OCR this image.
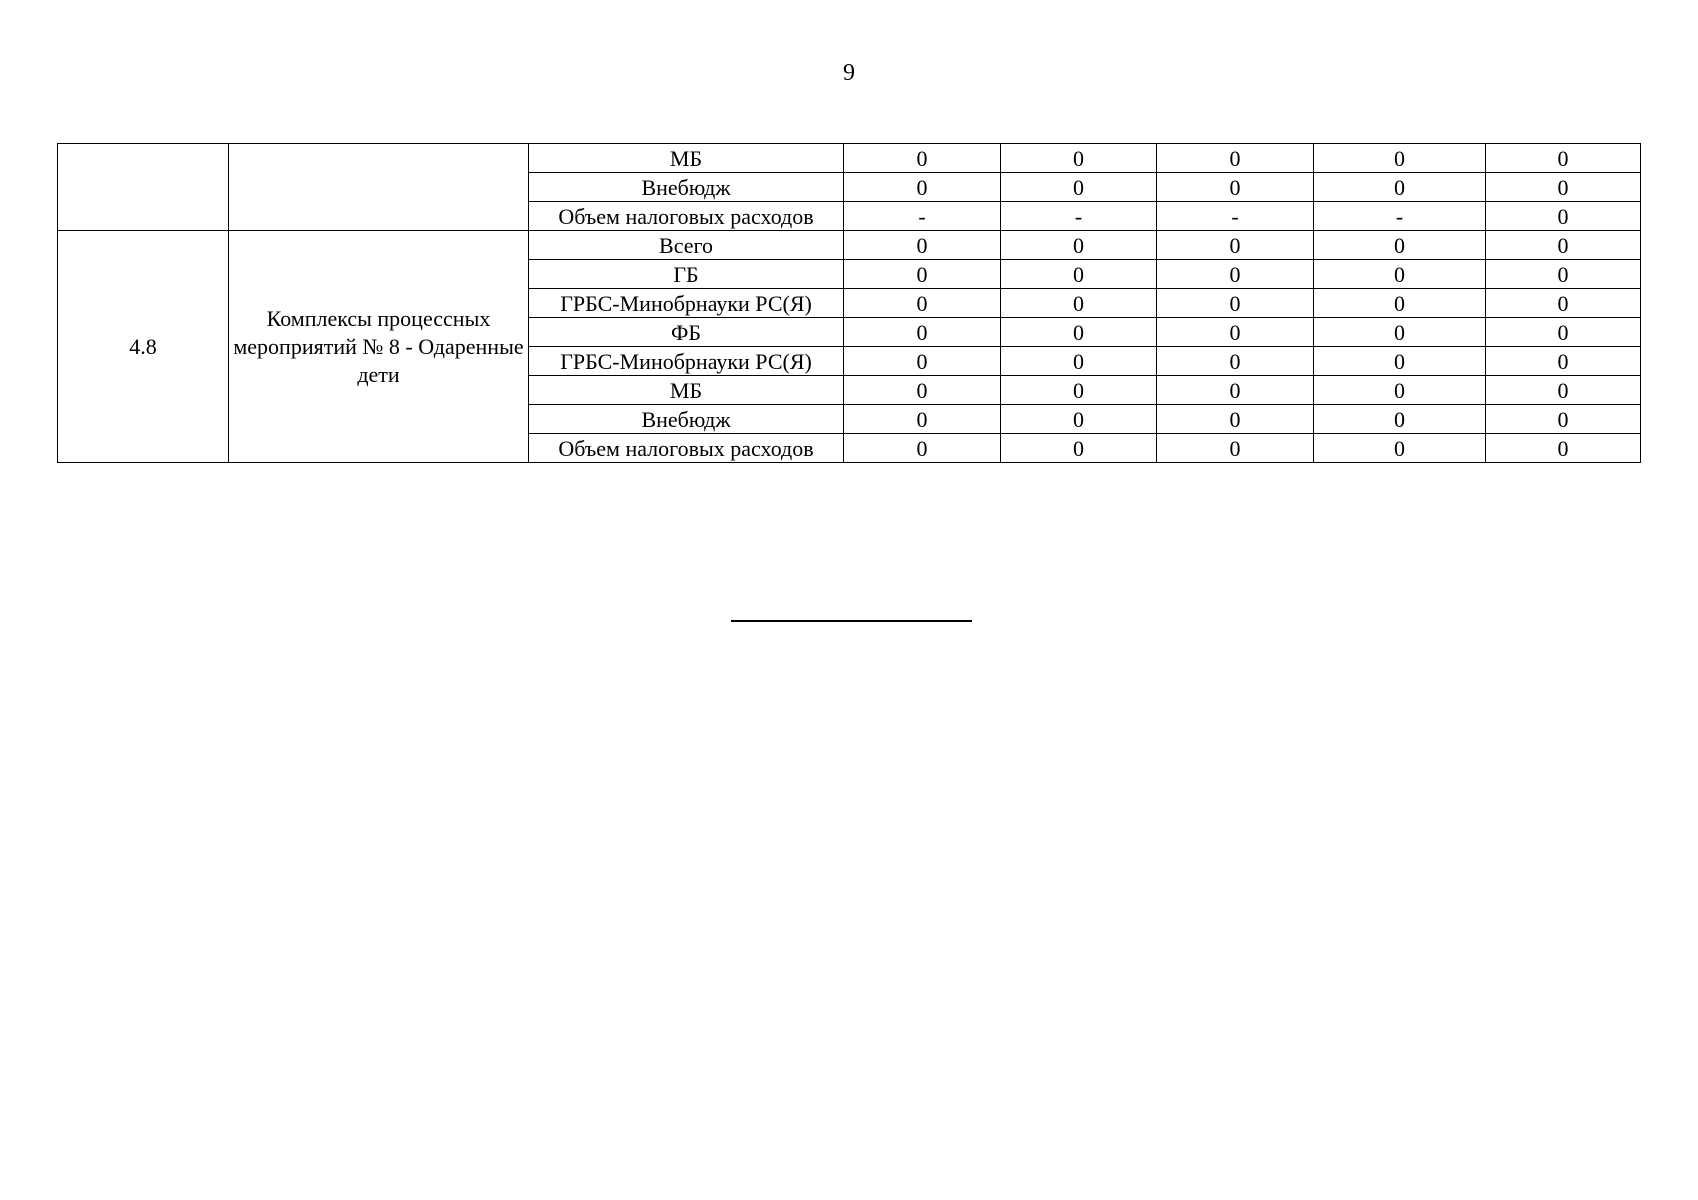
9
		МБ	0	0	0	0	0
		Внебюдж	0	0	0	0	0
		Объем налоговых расходов	-	-	-	-	0
4.8	Комплексы процессных мероприятий № 8 - Одаренные дети	Всего	0	0	0	0	0
		ГБ	0	0	0	0	0
		ГРБС-Минобрнауки РС(Я)	0	0	0	0	0
		ФБ	0	0	0	0	0
		ГРБС-Минобрнауки РС(Я)	0	0	0	0	0
		МБ	0	0	0	0	0
		Внебюдж	0	0	0	0	0
		Объем налоговых расходов	0	0	0	0	0
